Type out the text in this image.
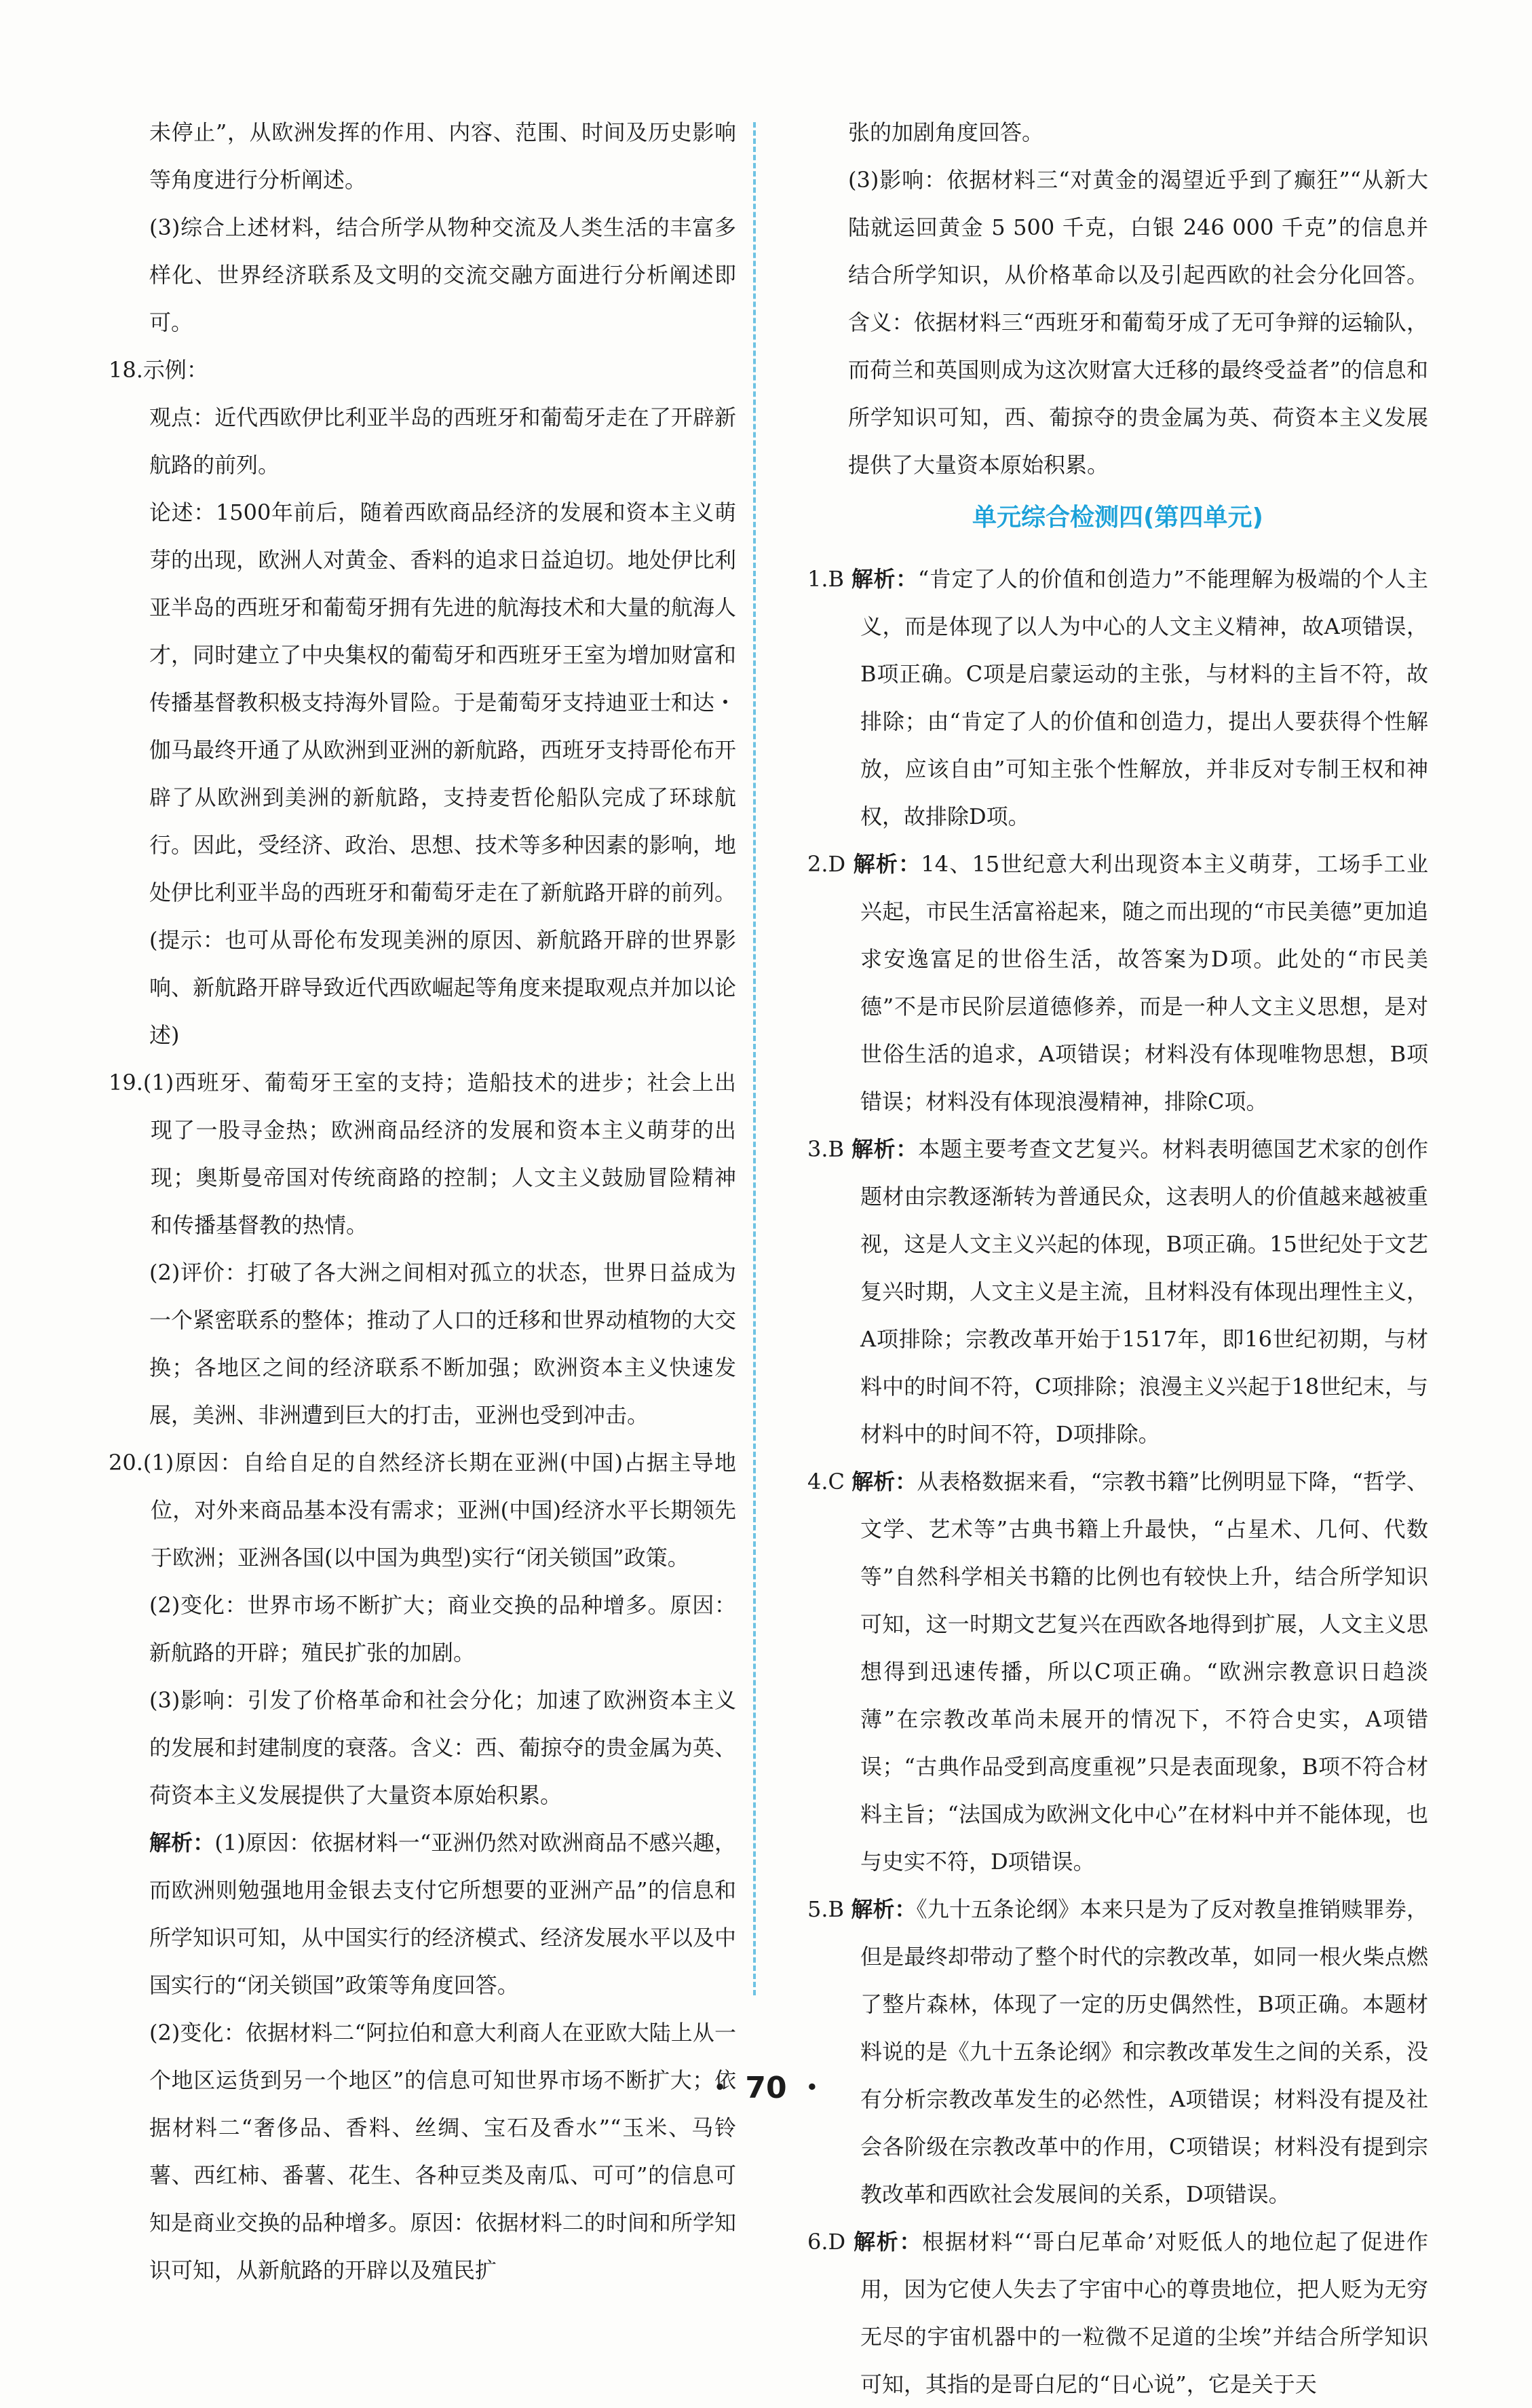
未停止”，从欧洲发挥的作用、内容、范围、时间及历史影响等角度进行分析阐述。
(3)综合上述材料，结合所学从物种交流及人类生活的丰富多样化、世界经济联系及文明的交流交融方面进行分析阐述即可。
18.示例：
观点：近代西欧伊比利亚半岛的西班牙和葡萄牙走在了开辟新航路的前列。
论述：1500年前后，随着西欧商品经济的发展和资本主义萌芽的出现，欧洲人对黄金、香料的追求日益迫切。地处伊比利亚半岛的西班牙和葡萄牙拥有先进的航海技术和大量的航海人才，同时建立了中央集权的葡萄牙和西班牙王室为增加财富和传播基督教积极支持海外冒险。于是葡萄牙支持迪亚士和达・伽马最终开通了从欧洲到亚洲的新航路，西班牙支持哥伦布开辟了从欧洲到美洲的新航路，支持麦哲伦船队完成了环球航行。因此，受经济、政治、思想、技术等多种因素的影响，地处伊比利亚半岛的西班牙和葡萄牙走在了新航路开辟的前列。(提示：也可从哥伦布发现美洲的原因、新航路开辟的世界影响、新航路开辟导致近代西欧崛起等角度来提取观点并加以论述)
19.(1)西班牙、葡萄牙王室的支持；造船技术的进步；社会上出现了一股寻金热；欧洲商品经济的发展和资本主义萌芽的出现；奥斯曼帝国对传统商路的控制；人文主义鼓励冒险精神和传播基督教的热情。
(2)评价：打破了各大洲之间相对孤立的状态，世界日益成为一个紧密联系的整体；推动了人口的迁移和世界动植物的大交换；各地区之间的经济联系不断加强；欧洲资本主义快速发展，美洲、非洲遭到巨大的打击，亚洲也受到冲击。
20.(1)原因：自给自足的自然经济长期在亚洲(中国)占据主导地位，对外来商品基本没有需求；亚洲(中国)经济水平长期领先于欧洲；亚洲各国(以中国为典型)实行“闭关锁国”政策。
(2)变化：世界市场不断扩大；商业交换的品种增多。原因：新航路的开辟；殖民扩张的加剧。
(3)影响：引发了价格革命和社会分化；加速了欧洲资本主义的发展和封建制度的衰落。含义：西、葡掠夺的贵金属为英、荷资本主义发展提供了大量资本原始积累。
解析：(1)原因：依据材料一“亚洲仍然对欧洲商品不感兴趣，而欧洲则勉强地用金银去支付它所想要的亚洲产品”的信息和所学知识可知，从中国实行的经济模式、经济发展水平以及中国实行的“闭关锁国”政策等角度回答。
(2)变化：依据材料二“阿拉伯和意大利商人在亚欧大陆上从一个地区运货到另一个地区”的信息可知世界市场不断扩大；依据材料二“奢侈品、香料、丝绸、宝石及香水”“玉米、马铃薯、西红柿、番薯、花生、各种豆类及南瓜、可可”的信息可知是商业交换的品种增多。原因：依据材料二的时间和所学知识可知，从新航路的开辟以及殖民扩
张的加剧角度回答。
(3)影响：依据材料三“对黄金的渴望近乎到了癫狂”“从新大陆就运回黄金 5 500 千克，白银 246 000 千克”的信息并结合所学知识，从价格革命以及引起西欧的社会分化回答。含义：依据材料三“西班牙和葡萄牙成了无可争辩的运输队，而荷兰和英国则成为这次财富大迁移的最终受益者”的信息和所学知识可知，西、葡掠夺的贵金属为英、荷资本主义发展提供了大量资本原始积累。
单元综合检测四(第四单元)
1.B 解析：“肯定了人的价值和创造力”不能理解为极端的个人主义，而是体现了以人为中心的人文主义精神，故A项错误，B项正确。C项是启蒙运动的主张，与材料的主旨不符，故排除；由“肯定了人的价值和创造力，提出人要获得个性解放，应该自由”可知主张个性解放，并非反对专制王权和神权，故排除D项。
2.D 解析：14、15世纪意大利出现资本主义萌芽，工场手工业兴起，市民生活富裕起来，随之而出现的“市民美德”更加追求安逸富足的世俗生活，故答案为D项。此处的“市民美德”不是市民阶层道德修养，而是一种人文主义思想，是对世俗生活的追求，A项错误；材料没有体现唯物思想，B项错误；材料没有体现浪漫精神，排除C项。
3.B 解析：本题主要考查文艺复兴。材料表明德国艺术家的创作题材由宗教逐渐转为普通民众，这表明人的价值越来越被重视，这是人文主义兴起的体现，B项正确。15世纪处于文艺复兴时期，人文主义是主流，且材料没有体现出理性主义，A项排除；宗教改革开始于1517年，即16世纪初期，与材料中的时间不符，C项排除；浪漫主义兴起于18世纪末，与材料中的时间不符，D项排除。
4.C 解析：从表格数据来看，“宗教书籍”比例明显下降，“哲学、文学、艺术等”古典书籍上升最快，“占星术、几何、代数等”自然科学相关书籍的比例也有较快上升，结合所学知识可知，这一时期文艺复兴在西欧各地得到扩展，人文主义思想得到迅速传播，所以C项正确。“欧洲宗教意识日趋淡薄”在宗教改革尚未展开的情况下，不符合史实，A项错误；“古典作品受到高度重视”只是表面现象，B项不符合材料主旨；“法国成为欧洲文化中心”在材料中并不能体现，也与史实不符，D项错误。
5.B 解析：《九十五条论纲》本来只是为了反对教皇推销赎罪券，但是最终却带动了整个时代的宗教改革，如同一根火柴点燃了整片森林，体现了一定的历史偶然性，B项正确。本题材料说的是《九十五条论纲》和宗教改革发生之间的关系，没有分析宗教改革发生的必然性，A项错误；材料没有提及社会各阶级在宗教改革中的作用，C项错误；材料没有提到宗教改革和西欧社会发展间的关系，D项错误。
6.D 解析：根据材料“‘哥白尼革命’对贬低人的地位起了促进作用，因为它使人失去了宇宙中心的尊贵地位，把人贬为无穷无尽的宇宙机器中的一粒微不足道的尘埃”并结合所学知识可知，其指的是哥白尼的“日心说”，它是关于天
・ 70 ・
